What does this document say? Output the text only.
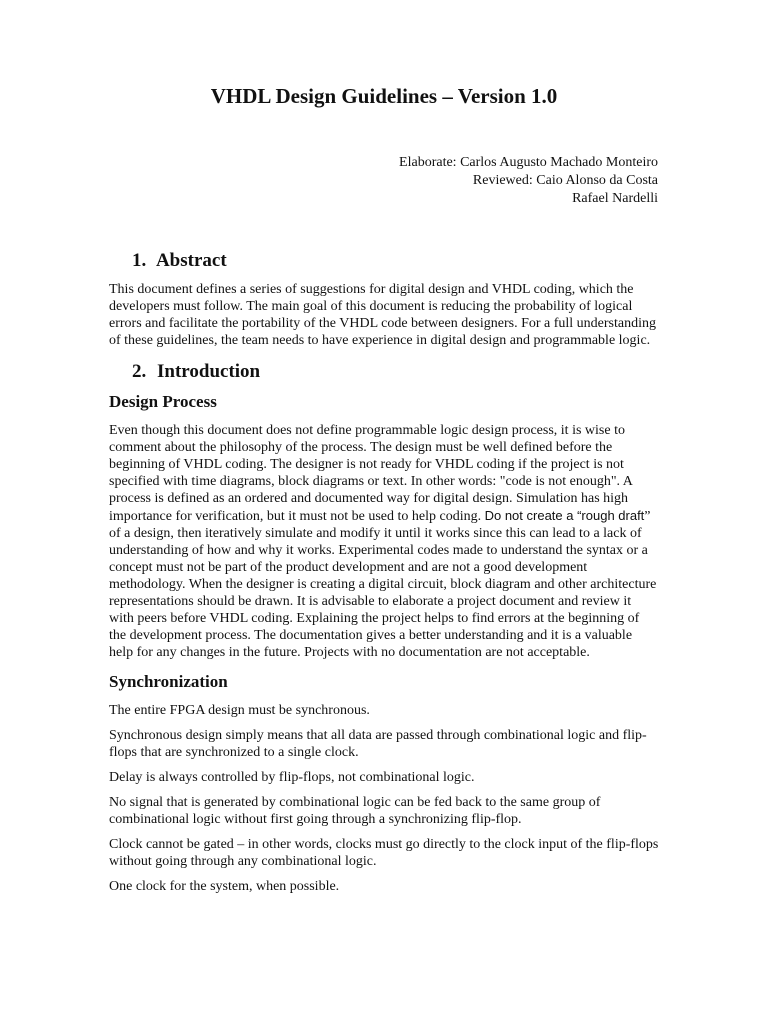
VHDL Design Guidelines – Version 1.0
Elaborate: Carlos Augusto Machado Monteiro
Reviewed: Caio Alonso da Costa
Rafael Nardelli
1. Abstract

This document defines a series of suggestions for digital design and VHDL coding, which the developers must follow. The main goal of this document is reducing the probability of logical errors and facilitate the portability of the VHDL code between designers. For a full understanding of these guidelines, the team needs to have experience in digital design and programmable logic.

2. Introduction
Design Process

Even though this document does not define programmable logic design process, it is wise to comment about the philosophy of the process. The design must be well defined before the beginning of VHDL coding. The designer is not ready for VHDL coding if the project is not specified with time diagrams, block diagrams or text. In other words: "code is not enough". A process is defined as an ordered and documented way for digital design. Simulation has high importance for verification, but it must not be used to help coding. Do not create a “rough draft” of a design, then iteratively simulate and modify it until it works since this can lead to a lack of understanding of how and why it works. Experimental codes made to understand the syntax or a concept must not be part of the product development and are not a good development methodology. When the designer is creating a digital circuit, block diagram and other architecture representations should be drawn. It is advisable to elaborate a project document and review it with peers before VHDL coding. Explaining the project helps to find errors at the beginning of the development process. The documentation gives a better understanding and it is a valuable help for any changes in the future. Projects with no documentation are not acceptable.

Synchronization

The entire FPGA design must be synchronous.

Synchronous design simply means that all data are passed through combinational logic and flip-flops that are synchronized to a single clock.

Delay is always controlled by flip-flops, not combinational logic.

No signal that is generated by combinational logic can be fed back to the same group of combinational logic without first going through a synchronizing flip-flop.

Clock cannot be gated – in other words, clocks must go directly to the clock input of the flip-flops without going through any combinational logic.

One clock for the system, when possible.
